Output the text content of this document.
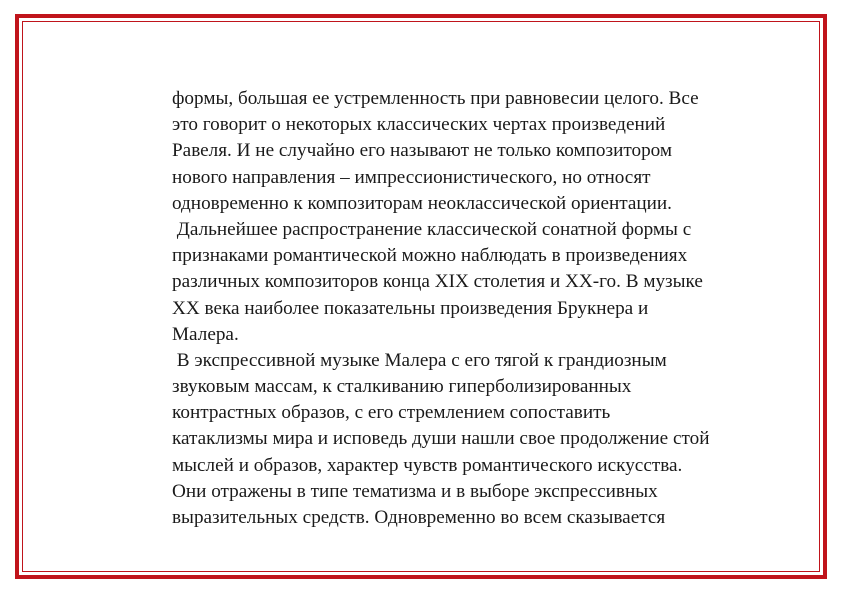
формы, большая ее устремленность при равновесии целого. Все
это говорит о некоторых классических чертах произведений
Равеля. И не случайно его называют не только композитором
нового направления – импрессионистического, но относят
одновременно к композиторам неоклассической ориентации.
Дальнейшее распространение классической сонатной формы с
признаками романтической можно наблюдать в произведениях
различных композиторов конца XIX столетия и XX-го. В музыке
XX века наиболее показательны произведения Брукнера и
Малера.
В экспрессивной музыке Малера с его тягой к грандиозным
звуковым массам, к сталкиванию гиперболизированных
контрастных образов, с его стремлением сопоставить
катаклизмы мира и исповедь души нашли свое продолжение стой
мыслей и образов, характер чувств романтического искусства.
Они отражены в типе тематизма и в выборе экспрессивных
выразительных средств. Одновременно во всем сказывается
